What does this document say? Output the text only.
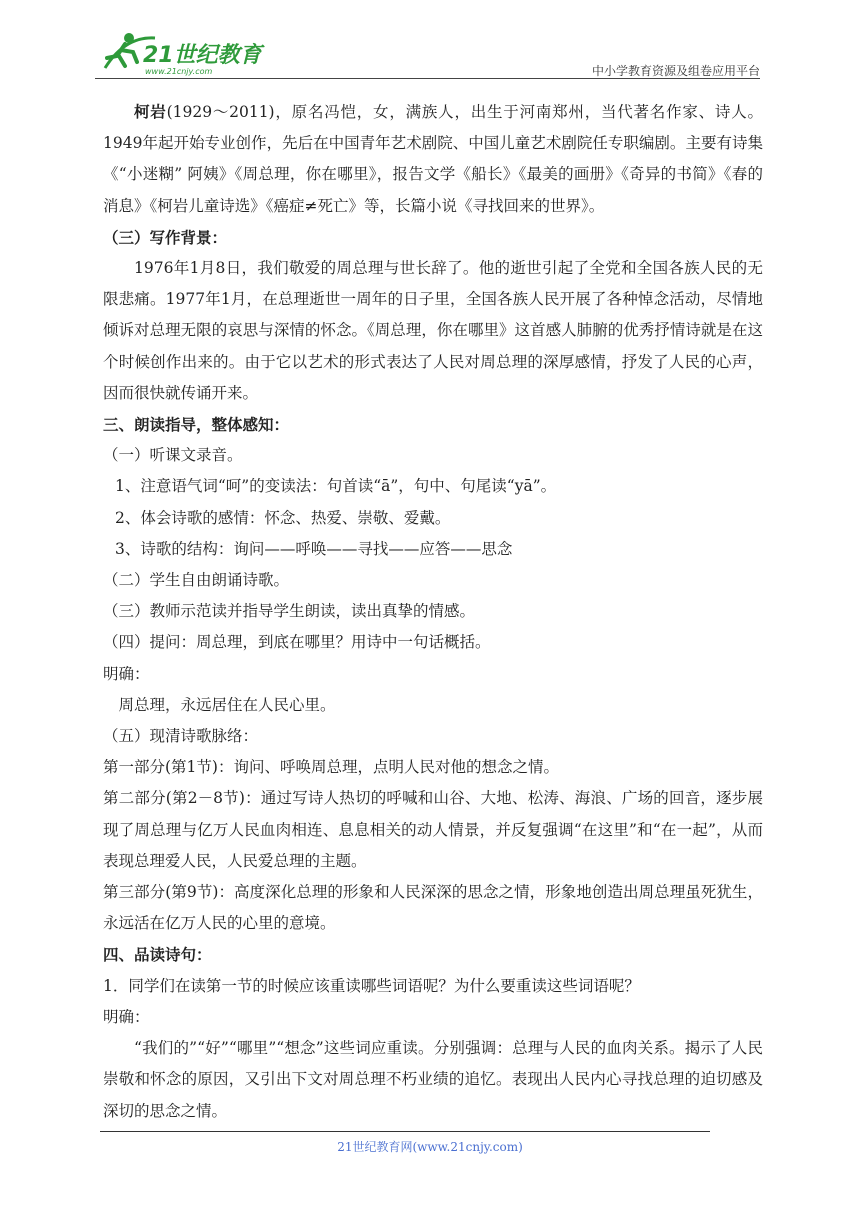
21世纪教育
www.21cnjy.com	中小学教育资源及组卷应用平台

柯岩(1929～2011)，原名冯恺，女，满族人，出生于河南郑州，当代著名作家、诗人。1949年起开始专业创作，先后在中国青年艺术剧院、中国儿童艺术剧院任专职编剧。主要有诗集《“小迷糊” 阿姨》《周总理，你在哪里》，报告文学《船长》《最美的画册》《奇异的书简》《春的消息》《柯岩儿童诗选》《癌症≠死亡》等，长篇小说《寻找回来的世界》。

（三）写作背景：

1976年1月8日，我们敬爱的周总理与世长辞了。他的逝世引起了全党和全国各族人民的无限悲痛。1977年1月，在总理逝世一周年的日子里，全国各族人民开展了各种悼念活动，尽情地倾诉对总理无限的哀思与深情的怀念。《周总理，你在哪里》这首感人肺腑的优秀抒情诗就是在这个时候创作出来的。由于它以艺术的形式表达了人民对周总理的深厚感情，抒发了人民的心声，因而很快就传诵开来。

三、朗读指导，整体感知：

（一）听课文录音。

1、注意语气词“呵”的变读法：句首读“ā”，句中、句尾读“yā”。

2、体会诗歌的感情：怀念、热爱、崇敬、爱戴。

3、诗歌的结构：询问——呼唤——寻找——应答——思念

（二）学生自由朗诵诗歌。

（三）教师示范读并指导学生朗读，读出真挚的情感。

（四）提问：周总理，到底在哪里？用诗中一句话概括。

明确：

周总理，永远居住在人民心里。

（五）现清诗歌脉络：

第一部分(第1节)：询问、呼唤周总理，点明人民对他的想念之情。

第二部分(第2－8节)：通过写诗人热切的呼喊和山谷、大地、松涛、海浪、广场的回音，逐步展现了周总理与亿万人民血肉相连、息息相关的动人情景，并反复强调“在这里”和“在一起”，从而表现总理爱人民，人民爱总理的主题。

第三部分(第9节)：高度深化总理的形象和人民深深的思念之情，形象地创造出周总理虽死犹生，永远活在亿万人民的心里的意境。

四、品读诗句：

1．同学们在读第一节的时候应该重读哪些词语呢？为什么要重读这些词语呢？

明确：

“我们的”“好”“哪里”“想念”这些词应重读。分别强调：总理与人民的血肉关系。揭示了人民崇敬和怀念的原因，又引出下文对周总理不朽业绩的追忆。表现出人民内心寻找总理的迫切感及深切的思念之情。

21世纪教育网(www.21cnjy.com)
